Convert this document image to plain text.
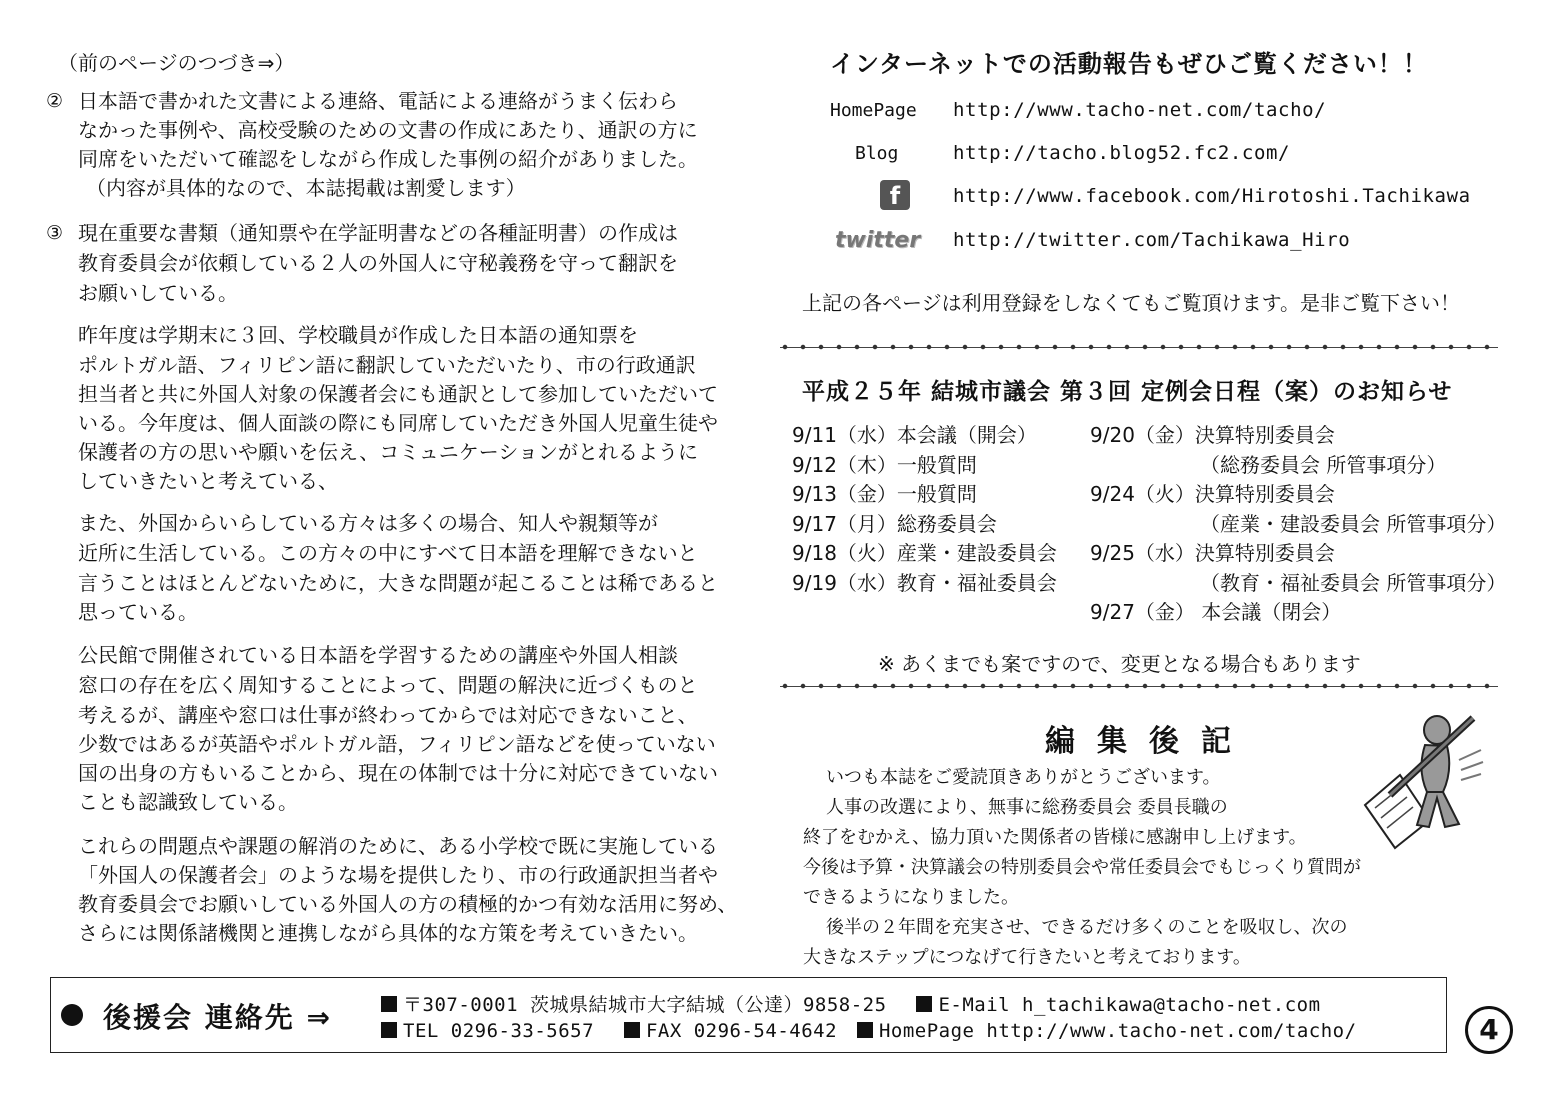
（前のページのつづき⇒）
② 日本語で書かれた文書による連絡、電話による連絡がうまく伝わら
なかった事例や、高校受験のための文書の作成にあたり、通訳の方に
同席をいただいて確認をしながら作成した事例の紹介がありました。
（内容が具体的なので、本誌掲載は割愛します）
③ 現在重要な書類（通知票や在学証明書などの各種証明書）の作成は
教育委員会が依頼している２人の外国人に守秘義務を守って翻訳を
お願いしている。
昨年度は学期末に３回、学校職員が作成した日本語の通知票を
ポルトガル語、フィリピン語に翻訳していただいたり、市の行政通訳
担当者と共に外国人対象の保護者会にも通訳として参加していただいて
いる。今年度は、個人面談の際にも同席していただき外国人児童生徒や
保護者の方の思いや願いを伝え、コミュニケーションがとれるように
していきたいと考えている、
また、外国からいらしている方々は多くの場合、知人や親類等が
近所に生活している。この方々の中にすべて日本語を理解できないと
言うことはほとんどないために，大きな問題が起こることは稀であると
思っている。
公民館で開催されている日本語を学習するための講座や外国人相談
窓口の存在を広く周知することによって、問題の解決に近づくものと
考えるが、講座や窓口は仕事が終わってからでは対応できないこと、
少数ではあるが英語やポルトガル語，フィリピン語などを使っていない
国の出身の方もいることから、現在の体制では十分に対応できていない
ことも認識致している。
これらの問題点や課題の解消のために、ある小学校で既に実施している
「外国人の保護者会」のような場を提供したり、市の行政通訳担当者や
教育委員会でお願いしている外国人の方の積極的かつ有効な活用に努め、
さらには関係諸機関と連携しながら具体的な方策を考えていきたい。
インターネットでの活動報告もぜひご覧ください！！
HomePage http://www.tacho-net.com/tacho/
Blog	http://tacho.blog52.fc2.com/
f	http://www.facebook.com/Hirotoshi.Tachikawa
twitter http://twitter.com/Tachikawa_Hiro
上記の各ページは利用登録をしなくてもご覧頂けます。是非ご覧下さい！
平成２５年 結城市議会 第３回 定例会日程（案）のお知らせ
9/11（水）本会議（開会）
9/12（木）一般質問
9/13（金）一般質問
9/17（月）総務委員会
9/18（火）産業・建設委員会
9/19（水）教育・福祉委員会
9/20（金）決算特別委員会
（総務委員会 所管事項分）
9/24（火）決算特別委員会
（産業・建設委員会 所管事項分）
9/25（水）決算特別委員会
（教育・福祉委員会 所管事項分）
9/27（金） 本会議（閉会）
※ あくまでも案ですので、変更となる場合もあります
編集後記
いつも本誌をご愛読頂きありがとうございます。
人事の改選により、無事に総務委員会 委員長職の
終了をむかえ、協力頂いた関係者の皆様に感謝申し上げます。
今後は予算・決算議会の特別委員会や常任委員会でもじっくり質問が
できるようになりました。
後半の２年間を充実させ、できるだけ多くのことを吸収し、次の
大きなステップにつなげて行きたいと考えております。
後援会 連絡先 ⇒	〒307-0001 茨城県結城市大字結城（公達）9858-25	E-Mail h_tachikawa@tacho-net.com
TEL 0296-33-5657	FAX 0296-54-4642 HomePage http://www.tacho-net.com/tacho/	4
